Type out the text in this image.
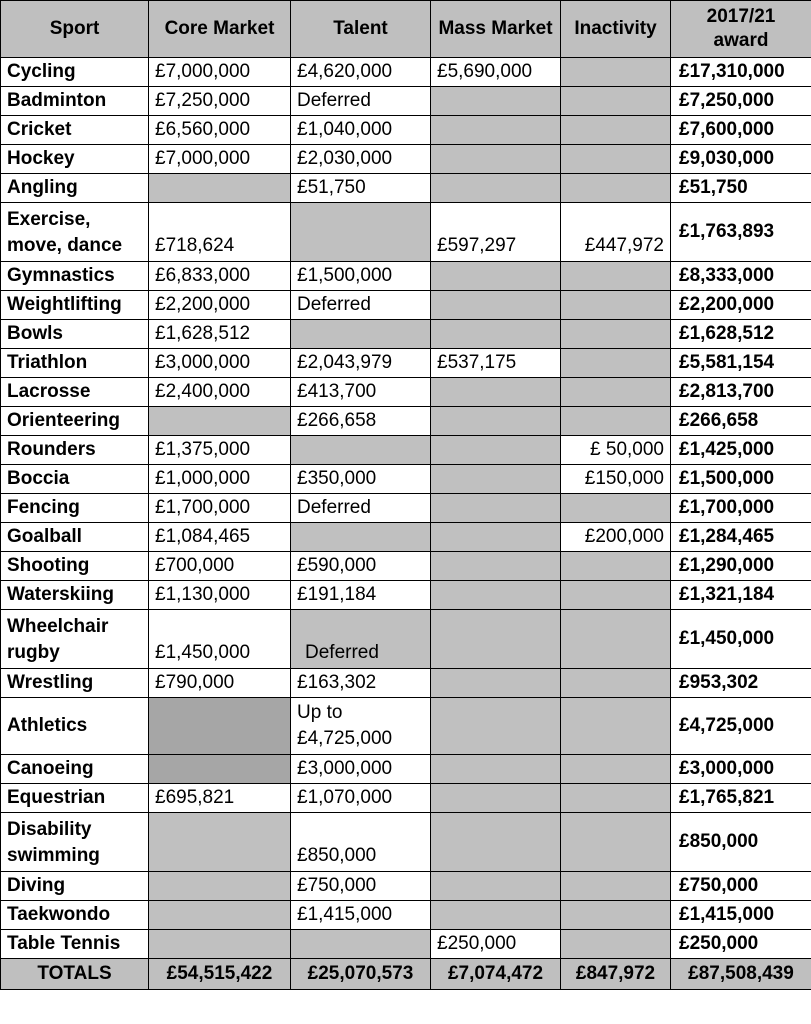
Sport	Core Market	Talent	Mass Market	Inactivity	2017/21 award
Cycling	£7,000,000	£4,620,000	£5,690,000		£17,310,000
Badminton	£7,250,000	Deferred			£7,250,000
Cricket	£6,560,000	£1,040,000			£7,600,000
Hockey	£7,000,000	£2,030,000			£9,030,000
Angling		£51,750			£51,750

Exercise,
move, dance	£718,624		£597,297	£447,972	£1,763,893
Gymnastics	£6,833,000	£1,500,000			£8,333,000
Weightlifting	£2,200,000	Deferred			£2,200,000
Bowls	£1,628,512				£1,628,512
Triathlon	£3,000,000	£2,043,979	£537,175		£5,581,154
Lacrosse	£2,400,000	£413,700			£2,813,700
Orienteering		£266,658			£266,658
Rounders	£1,375,000			£ 50,000	£1,425,000
Boccia	£1,000,000	£350,000		£150,000	£1,500,000
Fencing	£1,700,000	Deferred			£1,700,000
Goalball	£1,084,465			£200,000	£1,284,465
Shooting	£700,000	£590,000			£1,290,000
Waterskiing	£1,130,000	£191,184			£1,321,184

Wheelchair
rugby	£1,450,000	Deferred			£1,450,000
Wrestling	£790,000	£163,302			£953,302
Athletics		Up to
£4,725,000			£4,725,000
Canoeing		£3,000,000			£3,000,000
Equestrian	£695,821	£1,070,000			£1,765,821

Disability
swimming		£850,000			£850,000
Diving		£750,000			£750,000
Taekwondo		£1,415,000			£1,415,000
Table Tennis			£250,000		£250,000
TOTALS	£54,515,422	£25,070,573	£7,074,472	£847,972	£87,508,439
